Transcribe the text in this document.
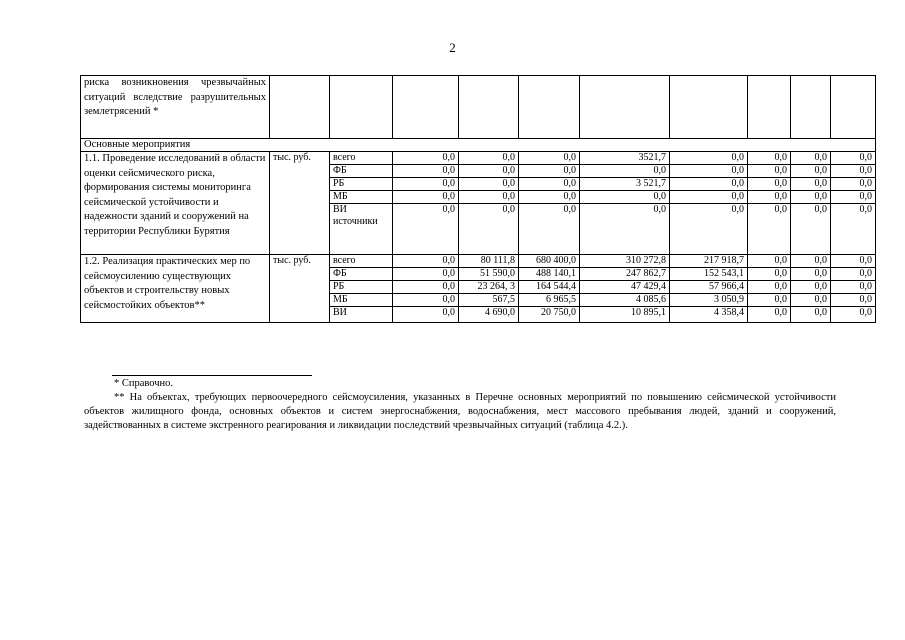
2
риска возникновения чрезвычайных ситуаций вследствие разрушительных землетрясений *										
Основные мероприятия										
1.1. Проведение исследований в области оценки сейсмического риска, формирования системы мониторинга сейсмической устойчивости и надежности зданий и сооружений на территории Республики Бурятия	тыс. руб.	всего	0,0	0,0	0,0	3521,7	0,0	0,0	0,0	0,0
		ФБ	0,0	0,0	0,0	0,0	0,0	0,0	0,0	0,0
		РБ	0,0	0,0	0,0	3 521,7	0,0	0,0	0,0	0,0
		МБ	0,0	0,0	0,0	0,0	0,0	0,0	0,0	0,0
		ВИ источники	0,0	0,0	0,0	0,0	0,0	0,0	0,0	0,0
1.2. Реализация практических мер по сейсмоусилению существующих объектов и строительству новых сейсмостойких объектов**	тыс. руб.	всего	0,0	80 111,8	680 400,0	310 272,8	217 918,7	0,0	0,0	0,0
		ФБ	0,0	51 590,0	488 140,1	247 862,7	152 543,1	0,0	0,0	0,0
		РБ	0,0	23 264, 3	164 544,4	47 429,4	57 966,4	0,0	0,0	0,0
		МБ	0,0	567,5	6 965,5	4 085,6	3 050,9	0,0	0,0	0,0
		ВИ	0,0	4 690,0	20 750,0	10 895,1	4 358,4	0,0	0,0	0,0
* Справочно.
** На объектах, требующих первоочередного сейсмоусиления, указанных в Перечне основных мероприятий по повышению сейсмической устойчивости объектов жилищного фонда, основных объектов и систем энергоснабжения, водоснабжения, мест массового пребывания людей, зданий и сооружений, задействованных в системе экстренного реагирования и ликвидации последствий чрезвычайных ситуаций (таблица 4.2.).
